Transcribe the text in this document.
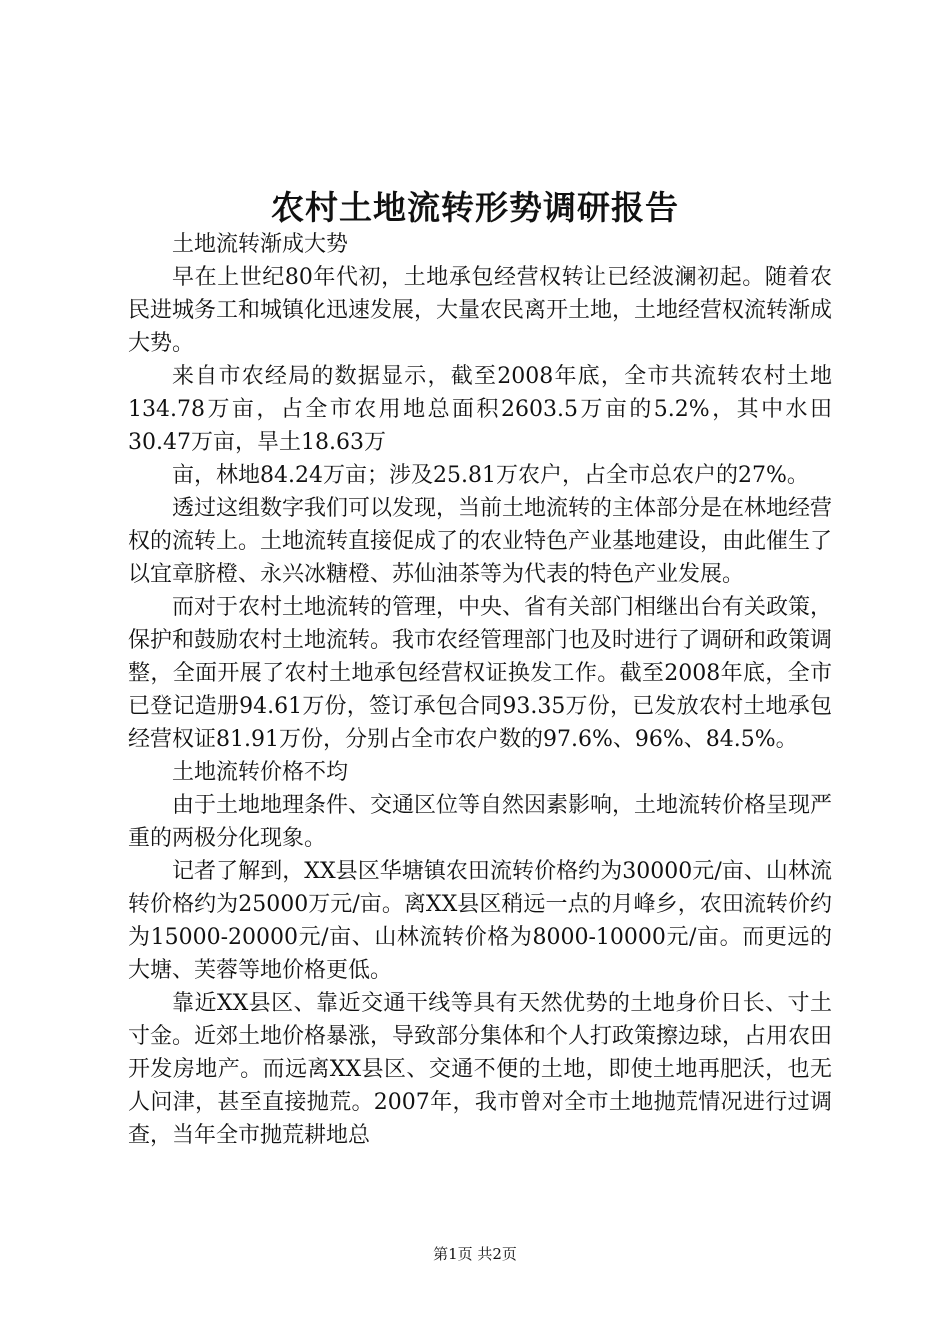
农村土地流转形势调研报告

土地流转渐成大势

早在上世纪80年代初，土地承包经营权转让已经波澜初起。随着农民进城务工和城镇化迅速发展，大量农民离开土地，土地经营权流转渐成大势。

来自市农经局的数据显示，截至2008年底，全市共流转农村土地134.78万亩，占全市农用地总面积2603.5万亩的5.2%，其中水田30.47万亩，旱土18.63万

亩，林地84.24万亩；涉及25.81万农户，占全市总农户的27%。

透过这组数字我们可以发现，当前土地流转的主体部分是在林地经营权的流转上。土地流转直接促成了的农业特色产业基地建设，由此催生了以宜章脐橙、永兴冰糖橙、苏仙油茶等为代表的特色产业发展。

而对于农村土地流转的管理，中央、省有关部门相继出台有关政策，保护和鼓励农村土地流转。我市农经管理部门也及时进行了调研和政策调整，全面开展了农村土地承包经营权证换发工作。截至2008年底，全市已登记造册94.61万份，签订承包合同93.35万份，已发放农村土地承包经营权证81.91万份，分别占全市农户数的97.6%、96%、84.5%。

土地流转价格不均

由于土地地理条件、交通区位等自然因素影响，土地流转价格呈现严重的两极分化现象。

记者了解到，XX县区华塘镇农田流转价格约为30000元/亩、山林流转价格约为25000万元/亩。离XX县区稍远一点的月峰乡，农田流转价约为15000-20000元/亩、山林流转价格为8000-10000元/亩。而更远的大塘、芙蓉等地价格更低。

靠近XX县区、靠近交通干线等具有天然优势的土地身价日长、寸土寸金。近郊土地价格暴涨，导致部分集体和个人打政策擦边球，占用农田开发房地产。而远离XX县区、交通不便的土地，即使土地再肥沃，也无人问津，甚至直接抛荒。2007年，我市曾对全市土地抛荒情况进行过调查，当年全市抛荒耕地总

第1页 共2页
